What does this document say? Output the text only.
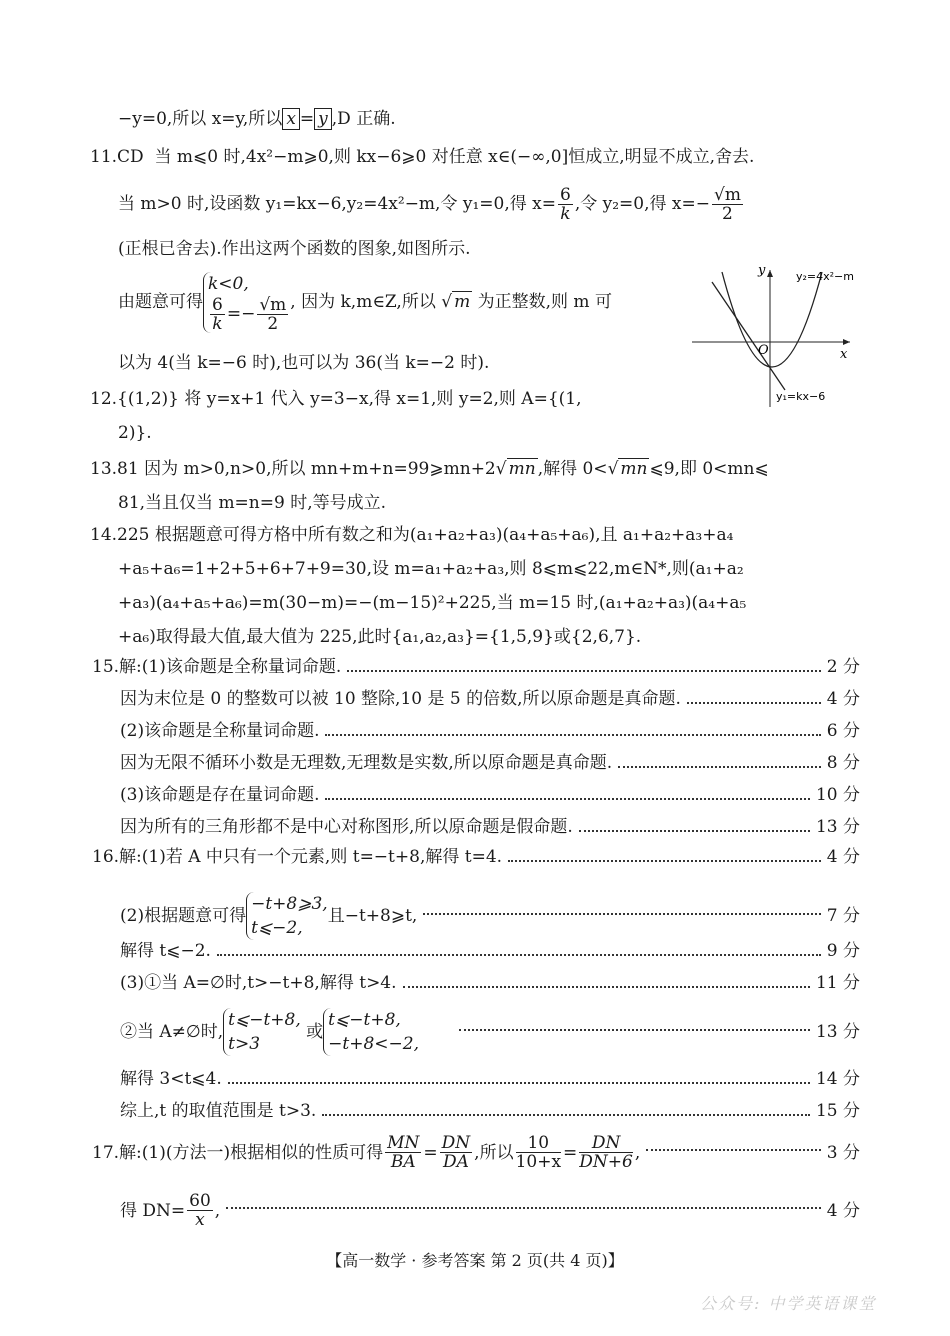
−y=0,所以 x=y,所以 x = y ,D 正确.
11.CD 当 m⩽0 时,4x²−m⩾0,则 kx−6⩾0 对任意 x∈(−∞,0]恒成立,明显不成立,舍去.
当 m>0 时,设函数 y₁=kx−6,y₂=4x²−m,令 y₁=0,得 $x= \frac{6}{k}$ ,令 y₂=0,得 $x=- \frac{√m}{2}$
(正根已舍去).作出这两个函数的图象,如图所示.
由题意可得
k<0,
$\frac{6}{k} =- \frac{√m}{2}$ , 因为 k,m∈Z,所以 √ m 为正整数,则 m 可
以为 4(当 k=−6 时),也可以为 36(当 k=−2 时).
O	x
y	y₂=4x²−m
y₁=kx−6
12.{(1,2)} 将 y=x+1 代入 y=3−x,得 x=1,则 y=2,则 A={(1,
2)}.
13.81 因为 m>0,n>0,所以 mn+m+n=99⩾mn+2√ mn ,解得 0<√ mn ⩽9,即 0<mn⩽
81,当且仅当 m=n=9 时,等号成立.
14.225 根据题意可得方格中所有数之和为(a₁+a₂+a₃)(a₄+a₅+a₆),且 a₁+a₂+a₃+a₄
+a₅+a₆=1+2+5+6+7+9=30,设 m=a₁+a₂+a₃,则 8⩽m⩽22,m∈N*,则(a₁+a₂
+a₃)(a₄+a₅+a₆)=m(30−m)=−(m−15)²+225,当 m=15 时,(a₁+a₂+a₃)(a₄+a₅
+a₆)取得最大值,最大值为 225,此时{a₁,a₂,a₃}={1,5,9}或{2,6,7}.
15.解:(1)该命题是全称量词命题.	2 分
因为末位是 0 的整数可以被 10 整除,10 是 5 的倍数,所以原命题是真命题.	4 分
(2)该命题是全称量词命题.	6 分
因为无限不循环小数是无理数,无理数是实数,所以原命题是真命题.	8 分
(3)该命题是存在量词命题.	10 分
因为所有的三角形都不是中心对称图形,所以原命题是假命题.	13 分
16.解:(1)若 A 中只有一个元素,则 t=−t+8,解得 t=4.	4 分
(2)根据题意可得
−t+8⩾3,
t⩽−2,
且−t+8⩾t,	7 分
解得 t⩽−2.	9 分
(3)①当 A=∅时,t>−t+8,解得 t>4.	11 分
②当 A≠∅时,
t⩽−t+8,
t>3

或
t⩽−t+8,
−t+8<−2,
13 分
解得 3<t⩽4.	14 分
综上,t 的取值范围是 t>3.	15 分
17.解:(1)(方法一)根据相似的性质可得 $\frac{MN}{BA} = \frac{DN}{DA}$ ,所以 $\frac{10}{10+x} = \frac{DN}{DN+6}$ ,	3 分
得 $DN= \frac{60}{x}$ ,	4 分
【高一数学 · 参考答案 第 2 页(共 4 页)】
公众号: 中学英语课堂
